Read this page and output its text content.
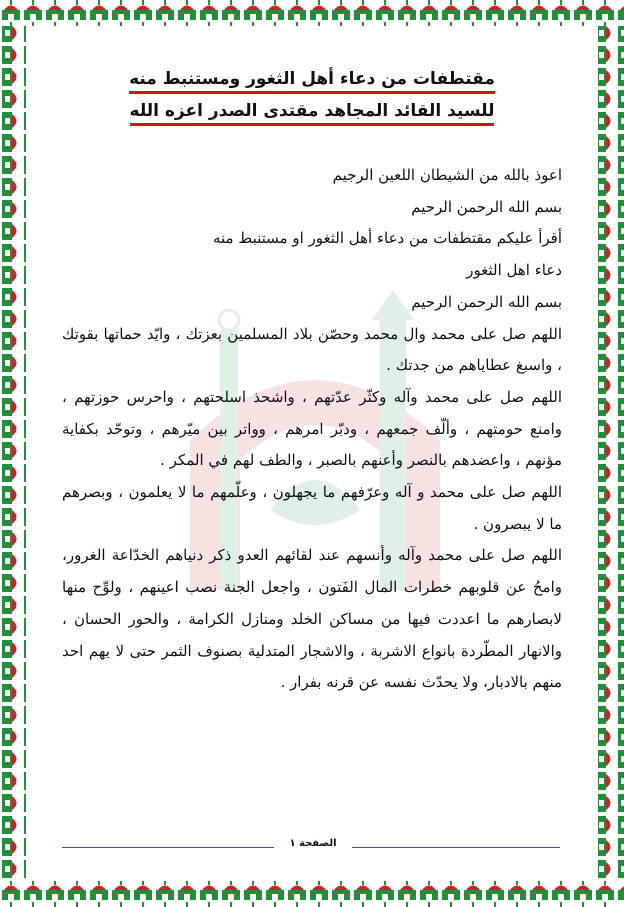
مقتطفات من دعاء أهل الثغور ومستنبط منه
للسيد القائد المجاهد مقتدى الصدر اعزه الله

اعوذ بالله من الشيطان اللعين الرجيم

بسم الله الرحمن الرحيم

أقرأ عليكم مقتطفات من دعاء أهل الثغور او مستنبط منه

دعاء اهل الثغور

بسم الله الرحمن الرحيم

اللهم صل على محمد وال محمد وحصّن بلاد المسلمين بعزتك ، وايّد حماتها بقوتك ، واسبغ عطاياهم من جدتك .

اللهم صل على محمد وآله وكثّر عدّتهم ، واشحذ اسلحتهم ، واحرس حوزتهم ، وامنع حومتهم ، وألّف جمعهم ، ودبّر امرهم ، وواتر بين ميّرهم ، وتوحّد بكفاية مؤنهم ، واعضدهم بالنصر وأعنهم بالصبر ، والطف لهم في المكر .

اللهم صل على محمد و آله وعرّفهم ما يجهلون ، وعلّمهم ما لا يعلمون ، وبصرهم ما لا يبصرون .

اللهم صل على محمد وآله وأنسهم عند لقائهم العدو ذكر دنياهم الخدّاعة الغرور، وامحُ عن قلوبهم خطرات المال الفَتون ، واجعل الجنة نصب اعينهم ، ولوِّح منها لابصارهم ما اعددت فيها من مساكن الخلد ومنازل الكرامة ، والحور الحسان ، والانهار المطّردة بانواع الاشربة ، والاشجار المتدلية بصنوف الثمر حتى لا يهم احد منهم بالادبار، ولا يحدّث نفسه عن قرنه بفرار .

الصفحة ١
